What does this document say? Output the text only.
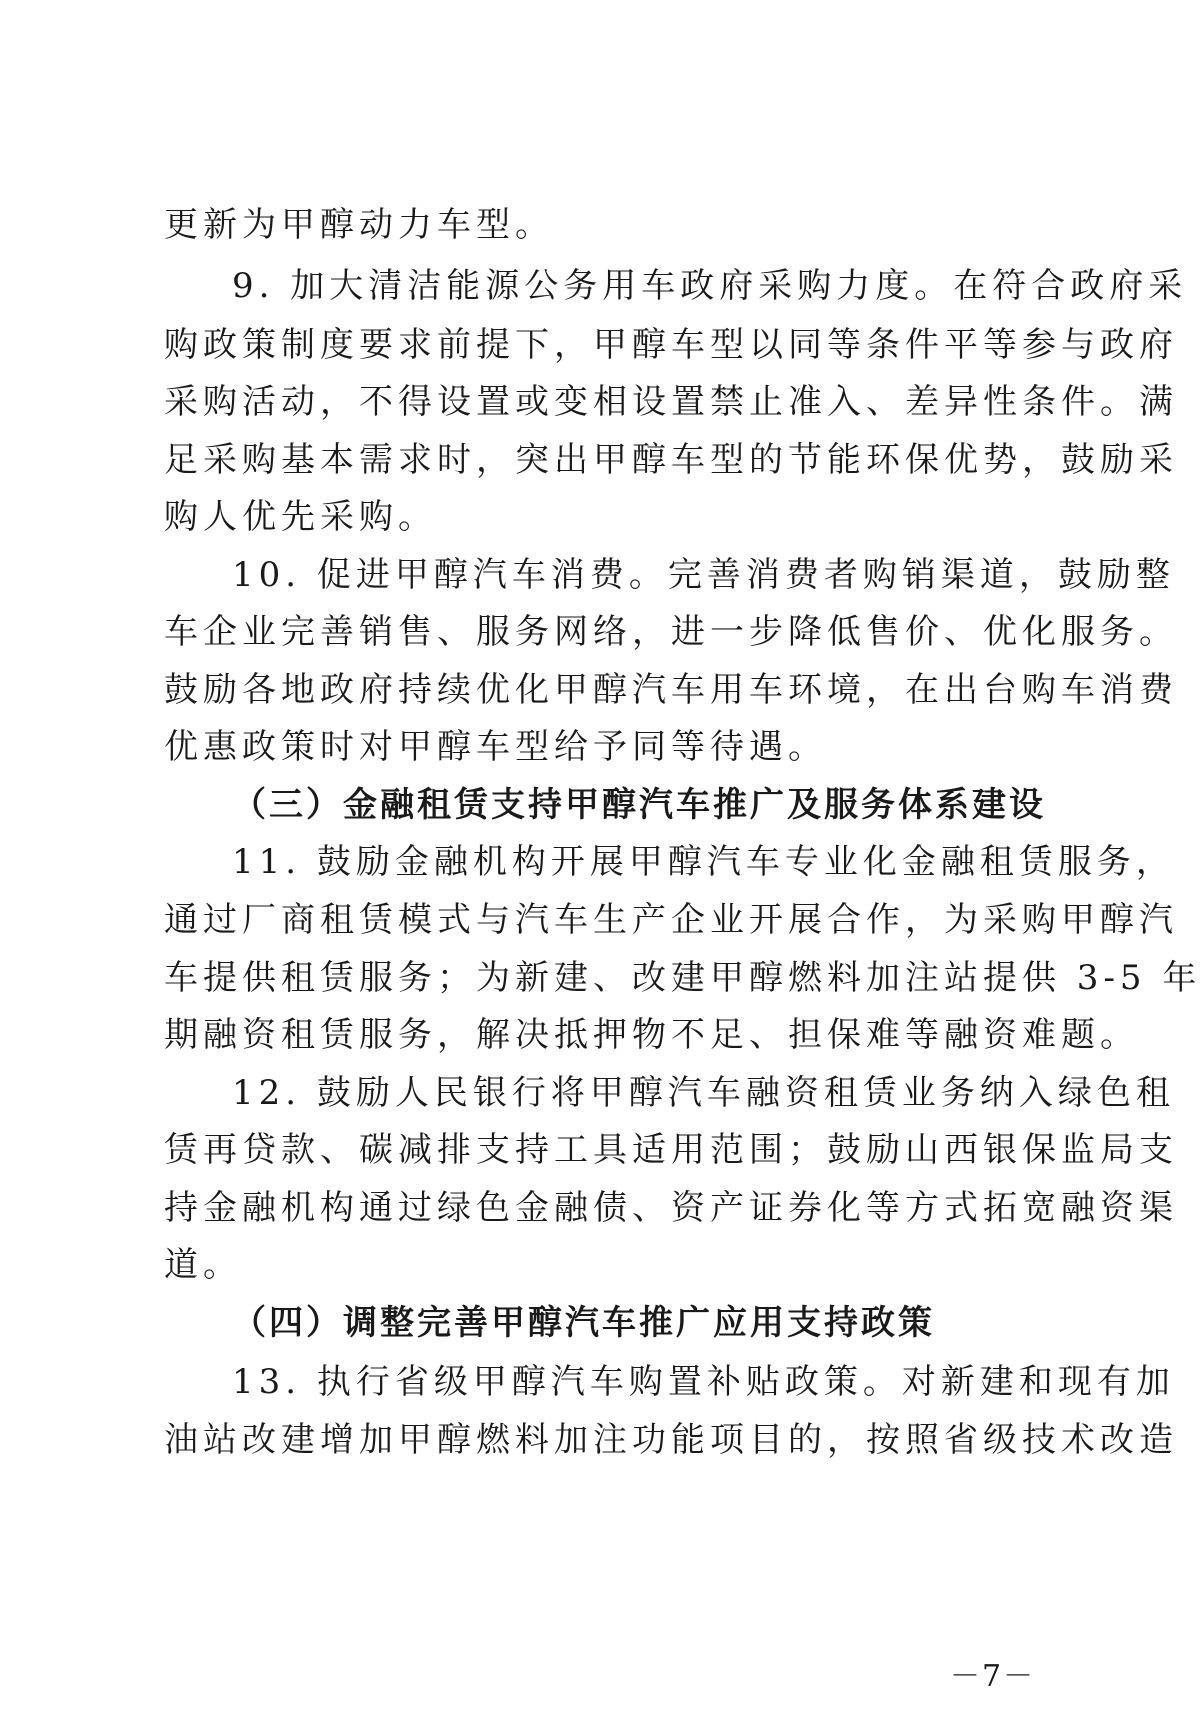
更新为甲醇动力车型。
9. 加大清洁能源公务用车政府采购力度。在符合政府采
购政策制度要求前提下，甲醇车型以同等条件平等参与政府
采购活动，不得设置或变相设置禁止准入、差异性条件。满
足采购基本需求时，突出甲醇车型的节能环保优势，鼓励采
购人优先采购。
10. 促进甲醇汽车消费。完善消费者购销渠道，鼓励整
车企业完善销售、服务网络，进一步降低售价、优化服务。
鼓励各地政府持续优化甲醇汽车用车环境，在出台购车消费
优惠政策时对甲醇车型给予同等待遇。
（三）金融租赁支持甲醇汽车推广及服务体系建设
11. 鼓励金融机构开展甲醇汽车专业化金融租赁服务，
通过厂商租赁模式与汽车生产企业开展合作，为采购甲醇汽
车提供租赁服务；为新建、改建甲醇燃料加注站提供 3-5 年
期融资租赁服务，解决抵押物不足、担保难等融资难题。
12. 鼓励人民银行将甲醇汽车融资租赁业务纳入绿色租
赁再贷款、碳减排支持工具适用范围；鼓励山西银保监局支
持金融机构通过绿色金融债、资产证券化等方式拓宽融资渠
道。
（四）调整完善甲醇汽车推广应用支持政策
13. 执行省级甲醇汽车购置补贴政策。对新建和现有加
油站改建增加甲醇燃料加注功能项目的，按照省级技术改造
－7－
